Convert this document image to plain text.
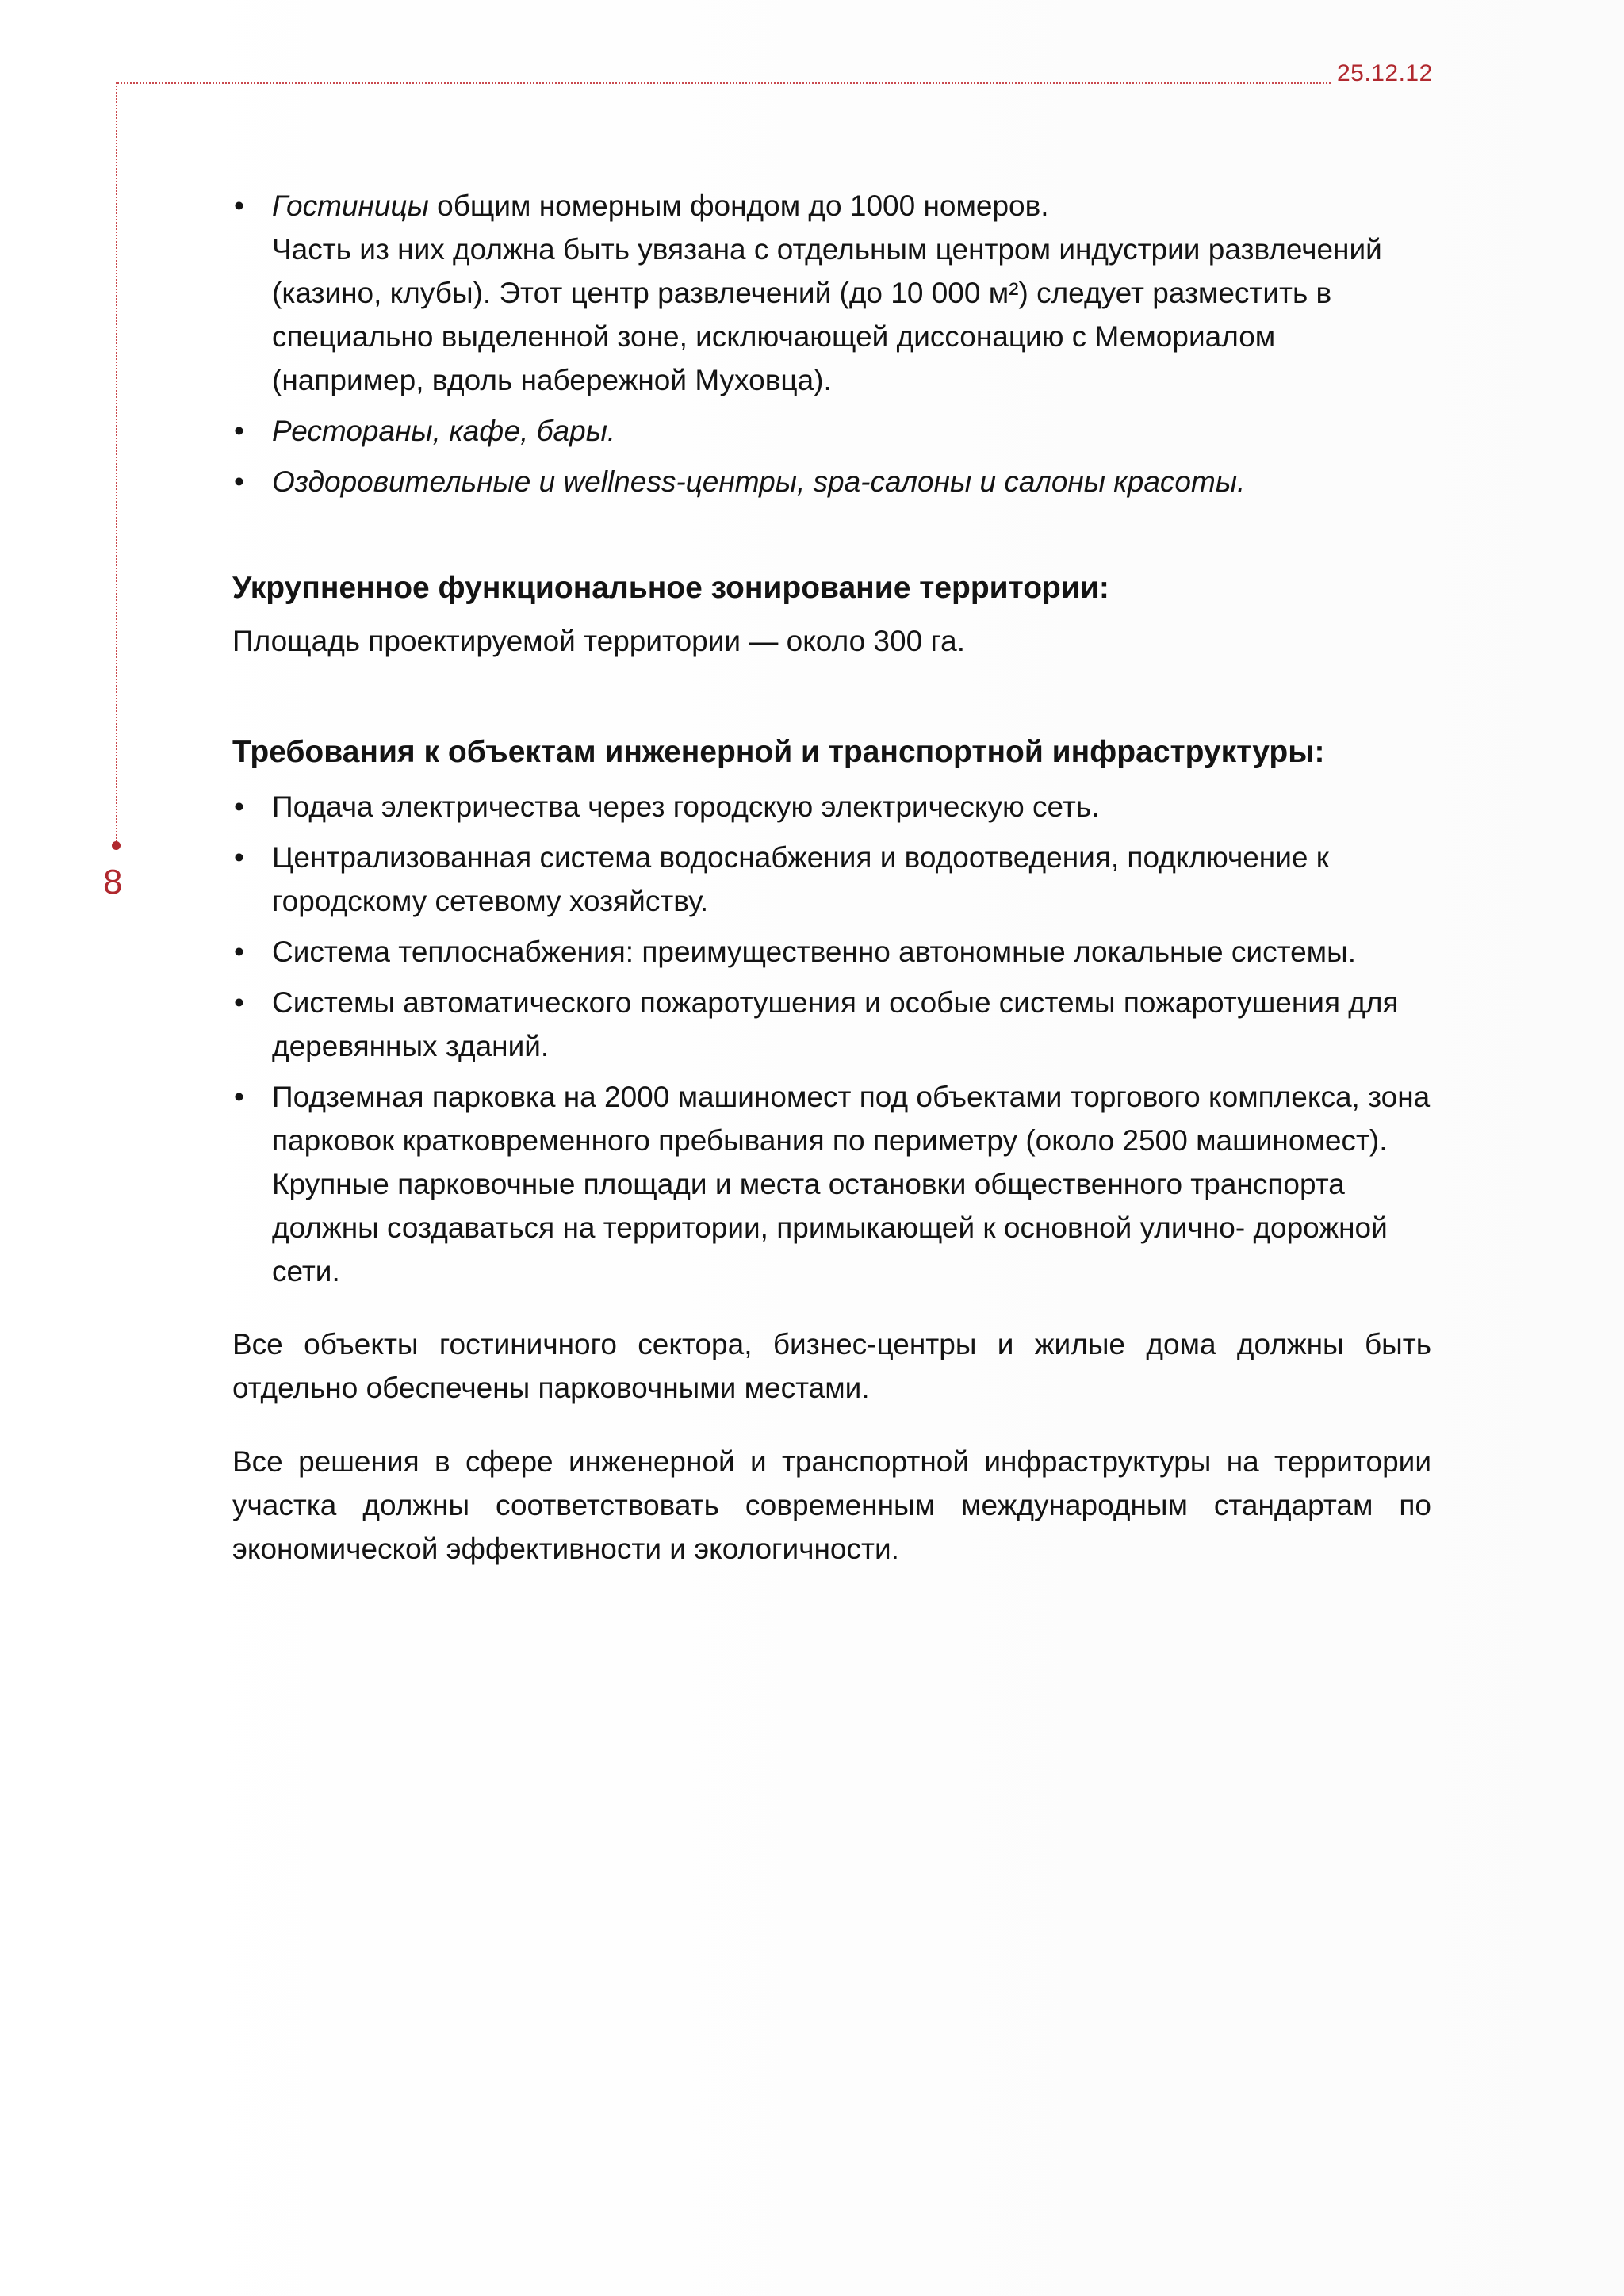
25.12.12
8
• Гостиницы общим номерным фондом до 1000 номеров.
Часть из них должна быть увязана с отдельным центром индустрии развлечений (казино, клубы). Этот центр развлечений (до 10 000 м²) следует разместить в специально выделенной зоне, исключающей диссонацию с Мемориалом (например, вдоль набережной Муховца).
• Рестораны, кафе, бары.
• Оздоровительные и wellness-центры, spa-салоны и салоны красоты.
Укрупненное функциональное зонирование территории:

Площадь проектируемой территории — около 300 га.

Требования к объектам инженерной и транспортной инфраструктуры:
• Подача электричества через городскую электрическую сеть.
• Централизованная система водоснабжения и водоотведения, подключение к городскому сетевому хозяйству.
• Система теплоснабжения: преимущественно автономные локальные системы.
• Системы автоматического пожаротушения и особые системы пожаротушения для деревянных зданий.
• Подземная парковка на 2000 машиномест под объектами торгового комплекса, зона парковок кратковременного пребывания по периметру (около 2500 машиномест). Крупные парковочные площади и места остановки общественного транспорта должны создаваться на территории, примыкающей к основной улично- дорожной сети.

Все объекты гостиничного сектора, бизнес-центры и жилые дома должны быть отдельно обеспечены парковочными местами.

Все решения в сфере инженерной и транспортной инфраструктуры на территории участка должны соответствовать современным международным стандартам по экономической эффективности и экологичности.
